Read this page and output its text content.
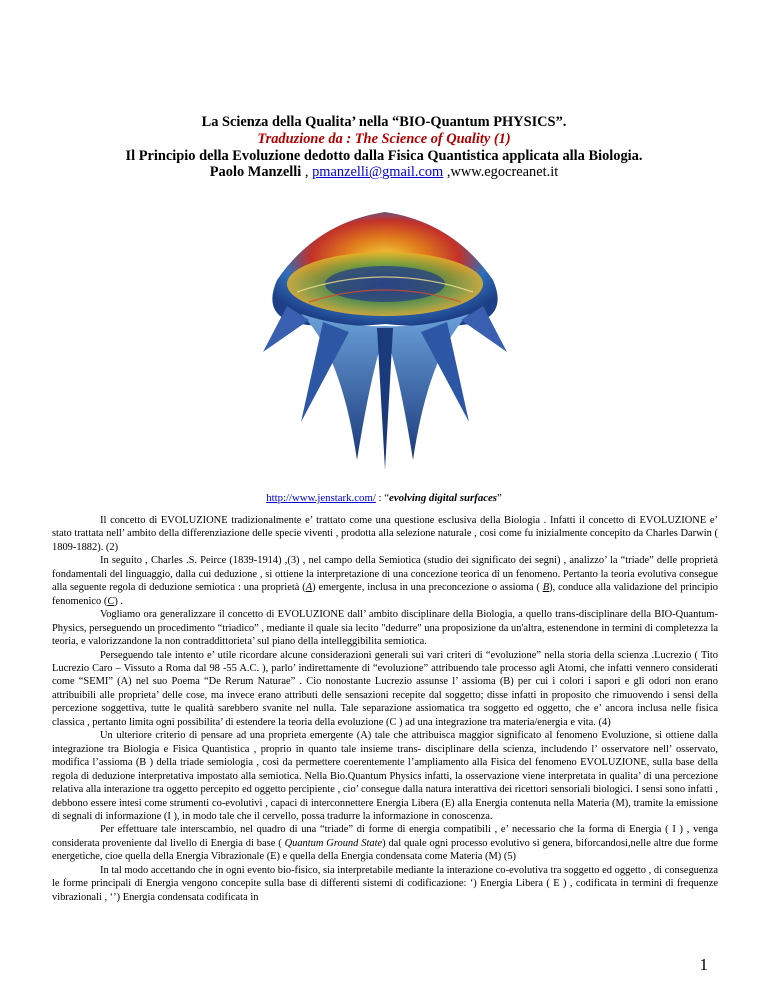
La Scienza della Qualita’ nella “BIO-Quantum PHYSICS”.
Traduzione da : The Science of Quality (1)
Il Principio della Evoluzione dedotto dalla Fisica Quantistica applicata alla Biologia.
Paolo Manzelli , pmanzelli@gmail.com ,www.egocreanet.it
http://www.jenstark.com/ : “evolving digital surfaces”

Il concetto di EVOLUZIONE tradizionalmente e’ trattato come una questione esclusiva della Biologia . Infatti il concetto di EVOLUZIONE e’ stato trattata nell’ ambito della differenziazione delle specie viventi , prodotta alla selezione naturale , cosi come fu inizialmente concepito da Charles Darwin ( 1809-1882). (2)

In seguito , Charles .S. Peirce (1839-1914) ,(3) , nel campo della Semiotica (studio dei significato dei segni) , analizzo’ la “triade” delle proprietà fondamentali del linguaggio, dalla cui deduzione , si ottiene la interpretazione di una concezione teorica di un fenomeno. Pertanto la teoria evolutiva consegue alla seguente regola di deduzione semiotica : una proprietà (A) emergente, inclusa in una preconcezione o assioma ( B), conduce alla validazione del principio fenomenico (C) .

Vogliamo ora generalizzare il concetto di EVOLUZIONE dall’ ambito disciplinare della Biologia, a quello trans-disciplinare della BIO-Quantum-Physics, perseguendo un procedimento “triadico” , mediante il quale sia lecito "dedurre" una proposizione da un'altra, estenendone in termini di completezza la teoria, e valorizzandone la non contraddittorieta’ sul piano della intelleggibilita semiotica.

Perseguendo tale intento e’ utile ricordare alcune considerazioni generali sui vari criteri di “evoluzione” nella storia della scienza .Lucrezio ( Tito Lucrezio Caro – Vissuto a Roma dal 98 -55 A.C. ), parlo’ indirettamente di “evoluzione” attribuendo tale processo agli Atomi, che infatti vennero considerati come “SEMI” (A) nel suo Poema “De Rerum Naturae” . Cio nonostante Lucrezio assunse l’ assioma (B) per cui i colori i sapori e gli odori non erano attribuibili alle proprieta’ delle cose, ma invece erano attributi delle sensazioni recepite dal soggetto; disse infatti in proposito che rimuovendo i sensi della percezione soggettiva, tutte le qualità sarebbero svanite nel nulla. Tale separazione assiomatica tra soggetto ed oggetto, che e’ ancora inclusa nelle fisica classica , pertanto limita ogni possibilita’ di estendere la teoria della evoluzione (C ) ad una integrazione tra materia/energia e vita. (4)

Un ulteriore criterio di pensare ad una proprieta emergente (A) tale che attribuisca maggior significato al fenomeno Evoluzione, si ottiene dalla integrazione tra Biologia e Fisica Quantistica , proprio in quanto tale insieme trans- disciplinare della scienza, includendo l’ osservatore nell’ osservato, modifica l’assioma (B ) della triade semiologia , cosi da permettere coerentemente l’ampliamento alla Fisica del fenomeno EVOLUZIONE, sulla base della regola di deduzione interpretativa impostato alla semiotica. Nella Bio.Quantum Physics infatti, la osservazione viene interpretata in qualita’ di una percezione relativa alla interazione tra oggetto percepito ed oggetto percipiente , cio’ consegue dalla natura interattiva dei ricettori sensoriali biologici. I sensi sono infatti , debbono essere intesi come strumenti co-evolutivi , capaci di interconnettere Energia Libera (E) alla Energia contenuta nella Materia (M), tramite la emissione di segnali di informazione (I ), in modo tale che il cervello, possa tradurre la informazione in conoscenza.

Per effettuare tale interscambio, nel quadro di una “triade” di forme di energia compatibili , e’ necessario che la forma di Energia ( I ) , venga considerata proveniente dal livello di Energia di base ( Quantum Ground State) dal quale ogni processo evolutivo si genera, biforcandosi,nelle altre due forme energetiche, cioe quella della Energia Vibrazionale (E) e quella della Energia condensata come Materia (M) (5)

In tal modo accettando che in ogni evento bio-fisico, sia interpretabile mediante la interazione co-evolutiva tra soggetto ed oggetto , di conseguenza le forme principali di Energia vengono concepite sulla base di differenti sistemi di codificazione: ‘) Energia Libera ( E ) , codificata in termini di frequenze vibrazionali , ‘’) Energia condensata codificata in

1
